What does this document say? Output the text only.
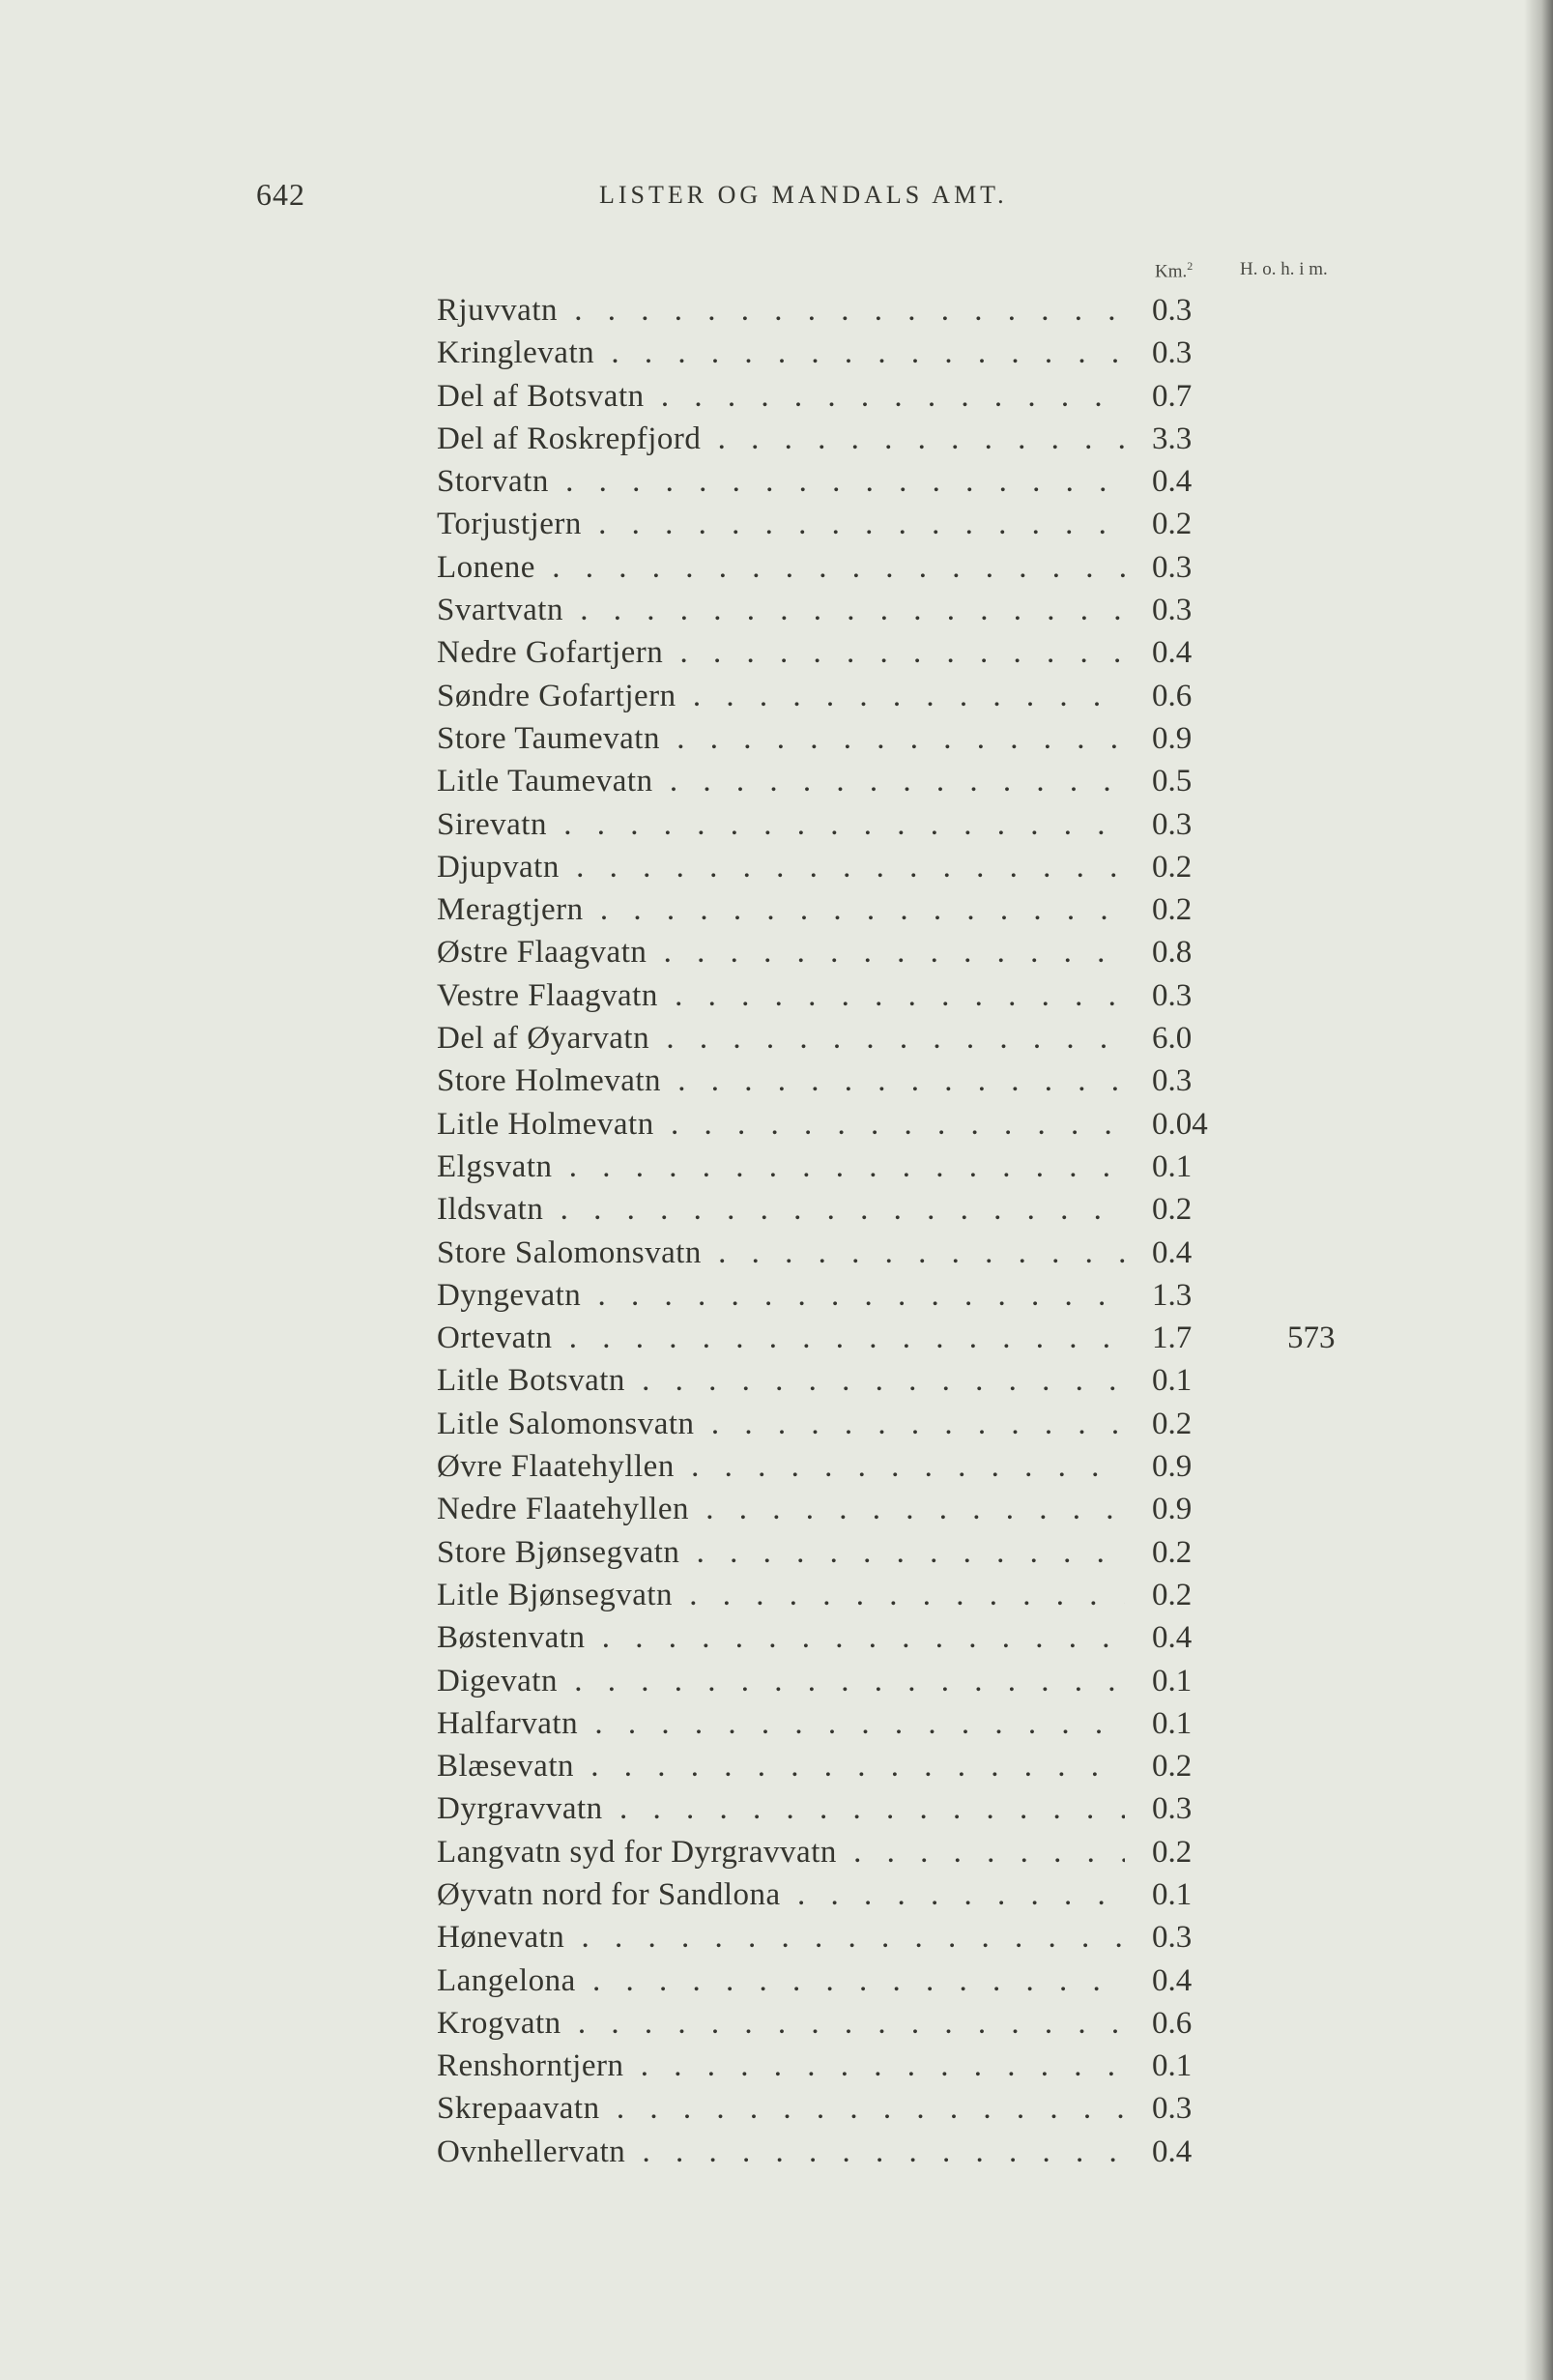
642	LISTER OG MANDALS AMT.
Km.$^2$	H. o. h. i m.
Rjuvvatn . . .	0.3
Kringlevatn . . .	0.3
Del af Botsvatn . . .	0.7
Del af Roskrepfjord . . .	3.3
Storvatn . . .	0.4
Torjustjern . . .	0.2
Lonene . . .	0.3
Svartvatn . . .	0.3
Nedre Gofartjern . . .	0.4
Søndre Gofartjern . . .	0.6
Store Taumevatn . . .	0.9
Litle Taumevatn . . .	0.5
Sirevatn . . .	0.3
Djupvatn . . .	0.2
Meragtjern . . .	0.2
Østre Flaagvatn . . .	0.8
Vestre Flaagvatn . . .	0.3
Del af Øyarvatn . . .	6.0
Store Holmevatn . . .	0.3
Litle Holmevatn . . .	0.04
Elgsvatn . . .	0.1
Ildsvatn . . .	0.2
Store Salomonsvatn . . .	0.4
Dyngevatn . . .	1.3
Ortevatn . . .	1.7	573
Litle Botsvatn . . .	0.1
Litle Salomonsvatn . . .	0.2
Øvre Flaatehyllen . . .	0.9
Nedre Flaatehyllen . . .	0.9
Store Bjønsegvatn . . .	0.2
Litle Bjønsegvatn . . .	0.2
Bøstenvatn . . .	0.4
Digevatn . . .	0.1
Halfarvatn . . .	0.1
Blæsevatn . . .	0.2
Dyrgravvatn . . .	0.3
Langvatn syd for Dyrgravvatn . . .	0.2
Øyvatn nord for Sandlona . . .	0.1
Hønevatn . . .	0.3
Langelona . . .	0.4
Krogvatn . . .	0.6
Renshorntjern . . .	0.1
Skrepaavatn . . .	0.3
Ovnhellervatn . . .	0.4
